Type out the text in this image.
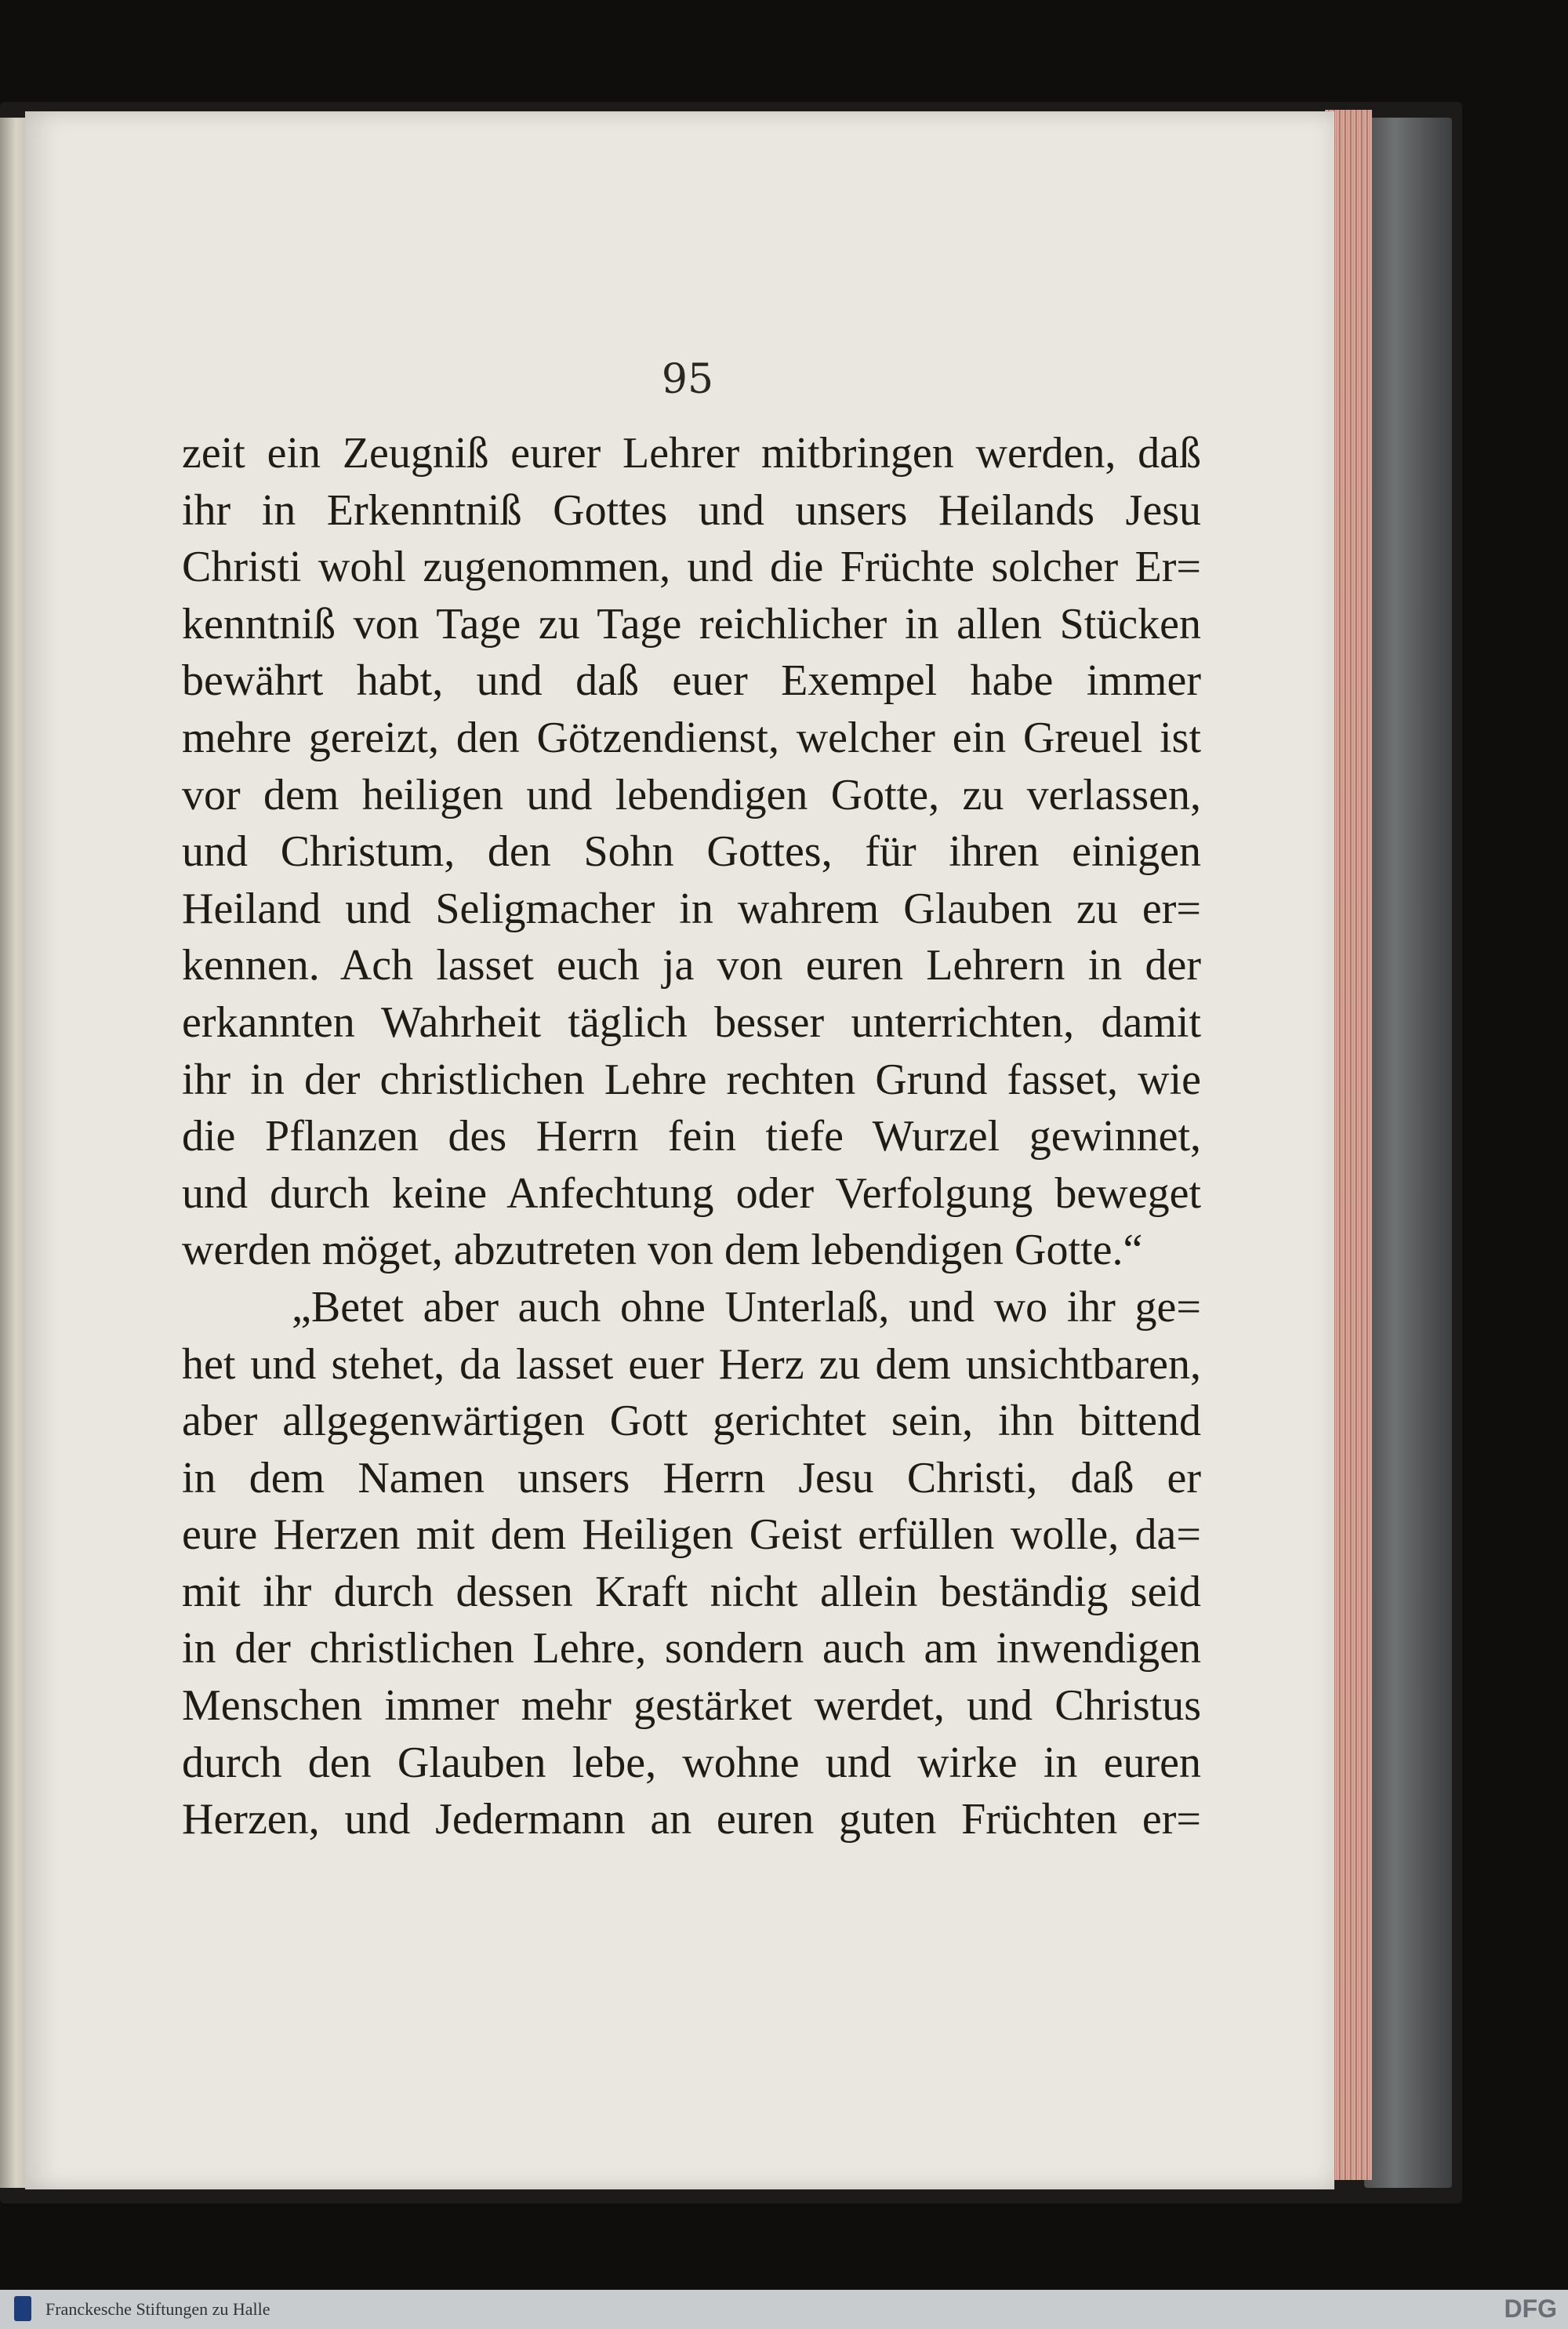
95
zeit ein Zeugniß eurer Lehrer mitbringen werden, daß
ihr in Erkenntniß Gottes und unsers Heilands Jesu
Christi wohl zugenommen, und die Früchte solcher Er=
kenntniß von Tage zu Tage reichlicher in allen Stücken
bewährt habt, und daß euer Exempel habe immer
mehre gereizt, den Götzendienst, welcher ein Greuel ist
vor dem heiligen und lebendigen Gotte, zu verlassen,
und Christum, den Sohn Gottes, für ihren einigen
Heiland und Seligmacher in wahrem Glauben zu er=
kennen. Ach lasset euch ja von euren Lehrern in der
erkannten Wahrheit täglich besser unterrichten, damit
ihr in der christlichen Lehre rechten Grund fasset, wie
die Pflanzen des Herrn fein tiefe Wurzel gewinnet,
und durch keine Anfechtung oder Verfolgung beweget
werden möget, abzutreten von dem lebendigen Gotte.“
„Betet aber auch ohne Unterlaß, und wo ihr ge=
het und stehet, da lasset euer Herz zu dem unsichtbaren,
aber allgegenwärtigen Gott gerichtet sein, ihn bittend
in dem Namen unsers Herrn Jesu Christi, daß er
eure Herzen mit dem Heiligen Geist erfüllen wolle, da=
mit ihr durch dessen Kraft nicht allein beständig seid
in der christlichen Lehre, sondern auch am inwendigen
Menschen immer mehr gestärket werdet, und Christus
durch den Glauben lebe, wohne und wirke in euren
Herzen, und Jedermann an euren guten Früchten er=
Franckesche Stiftungen zu Halle	DFG
